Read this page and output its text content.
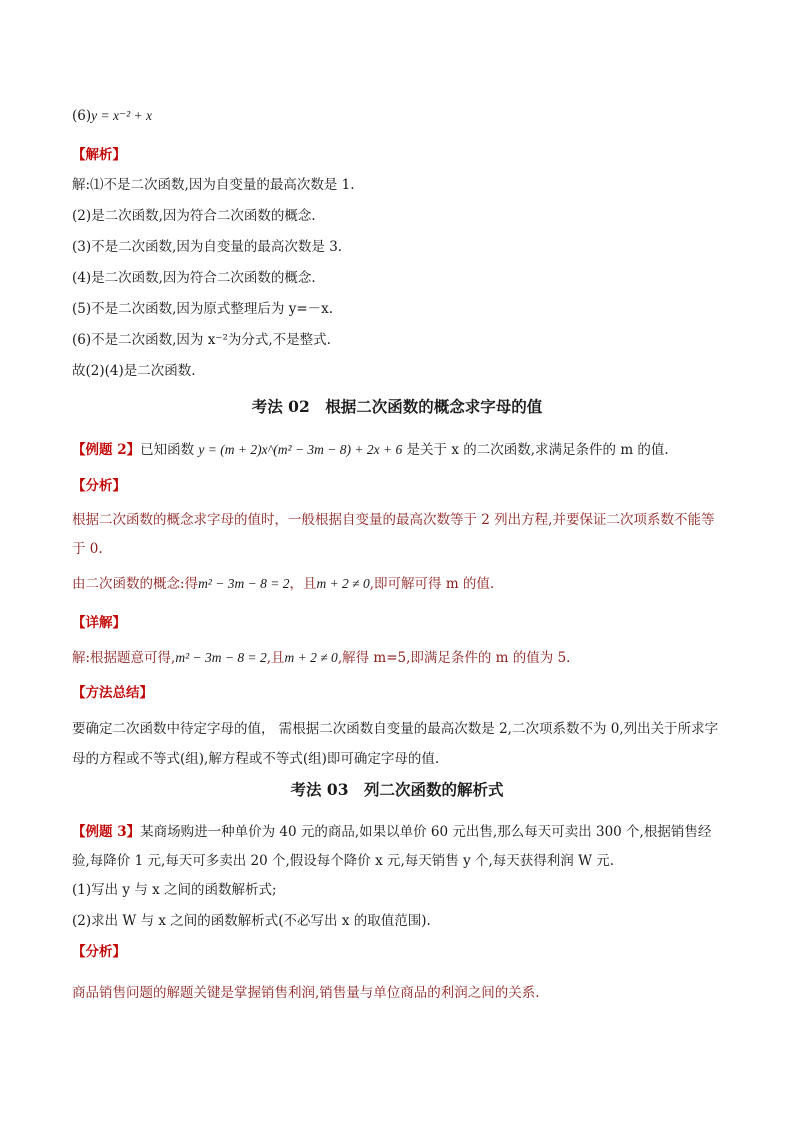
(6)y = x⁻² + x
【解析】
解:⑴不是二次函数,因为自变量的最高次数是 1.
(2)是二次函数,因为符合二次函数的概念.
(3)不是二次函数,因为自变量的最高次数是 3.
(4)是二次函数,因为符合二次函数的概念.
(5)不是二次函数,因为原式整理后为 y=－x.
(6)不是二次函数,因为 x⁻²为分式,不是整式.
故(2)(4)是二次函数.
考法 02　根据二次函数的概念求字母的值
【例题 2】已知函数 y = (m + 2)x^(m² − 3m − 8) + 2x + 6 是关于 x 的二次函数,求满足条件的 m 的值.
【分析】
根据二次函数的概念求字母的值时，一般根据自变量的最高次数等于 2 列出方程,并要保证二次项系数不能等于 0.
由二次函数的概念:得m² − 3m − 8 = 2，且m + 2 ≠ 0,即可解可得 m 的值.
【详解】
解:根据题意可得,m² − 3m − 8 = 2,且m + 2 ≠ 0,解得 m=5,即满足条件的 m 的值为 5.
【方法总结】
要确定二次函数中待定字母的值， 需根据二次函数自变量的最高次数是 2,二次项系数不为 0,列出关于所求字母的方程或不等式(组),解方程或不等式(组)即可确定字母的值.
考法 03　列二次函数的解析式
【例题 3】某商场购进一种单价为 40 元的商品,如果以单价 60 元出售,那么每天可卖出 300 个,根据销售经验,每降价 1 元,每天可多卖出 20 个,假设每个降价 x 元,每天销售 y 个,每天获得利润 W 元.
(1)写出 y 与 x 之间的函数解析式;
(2)求出 W 与 x 之间的函数解析式(不必写出 x 的取值范围).
【分析】
商品销售问题的解题关键是掌握销售利润,销售量与单位商品的利润之间的关系.
